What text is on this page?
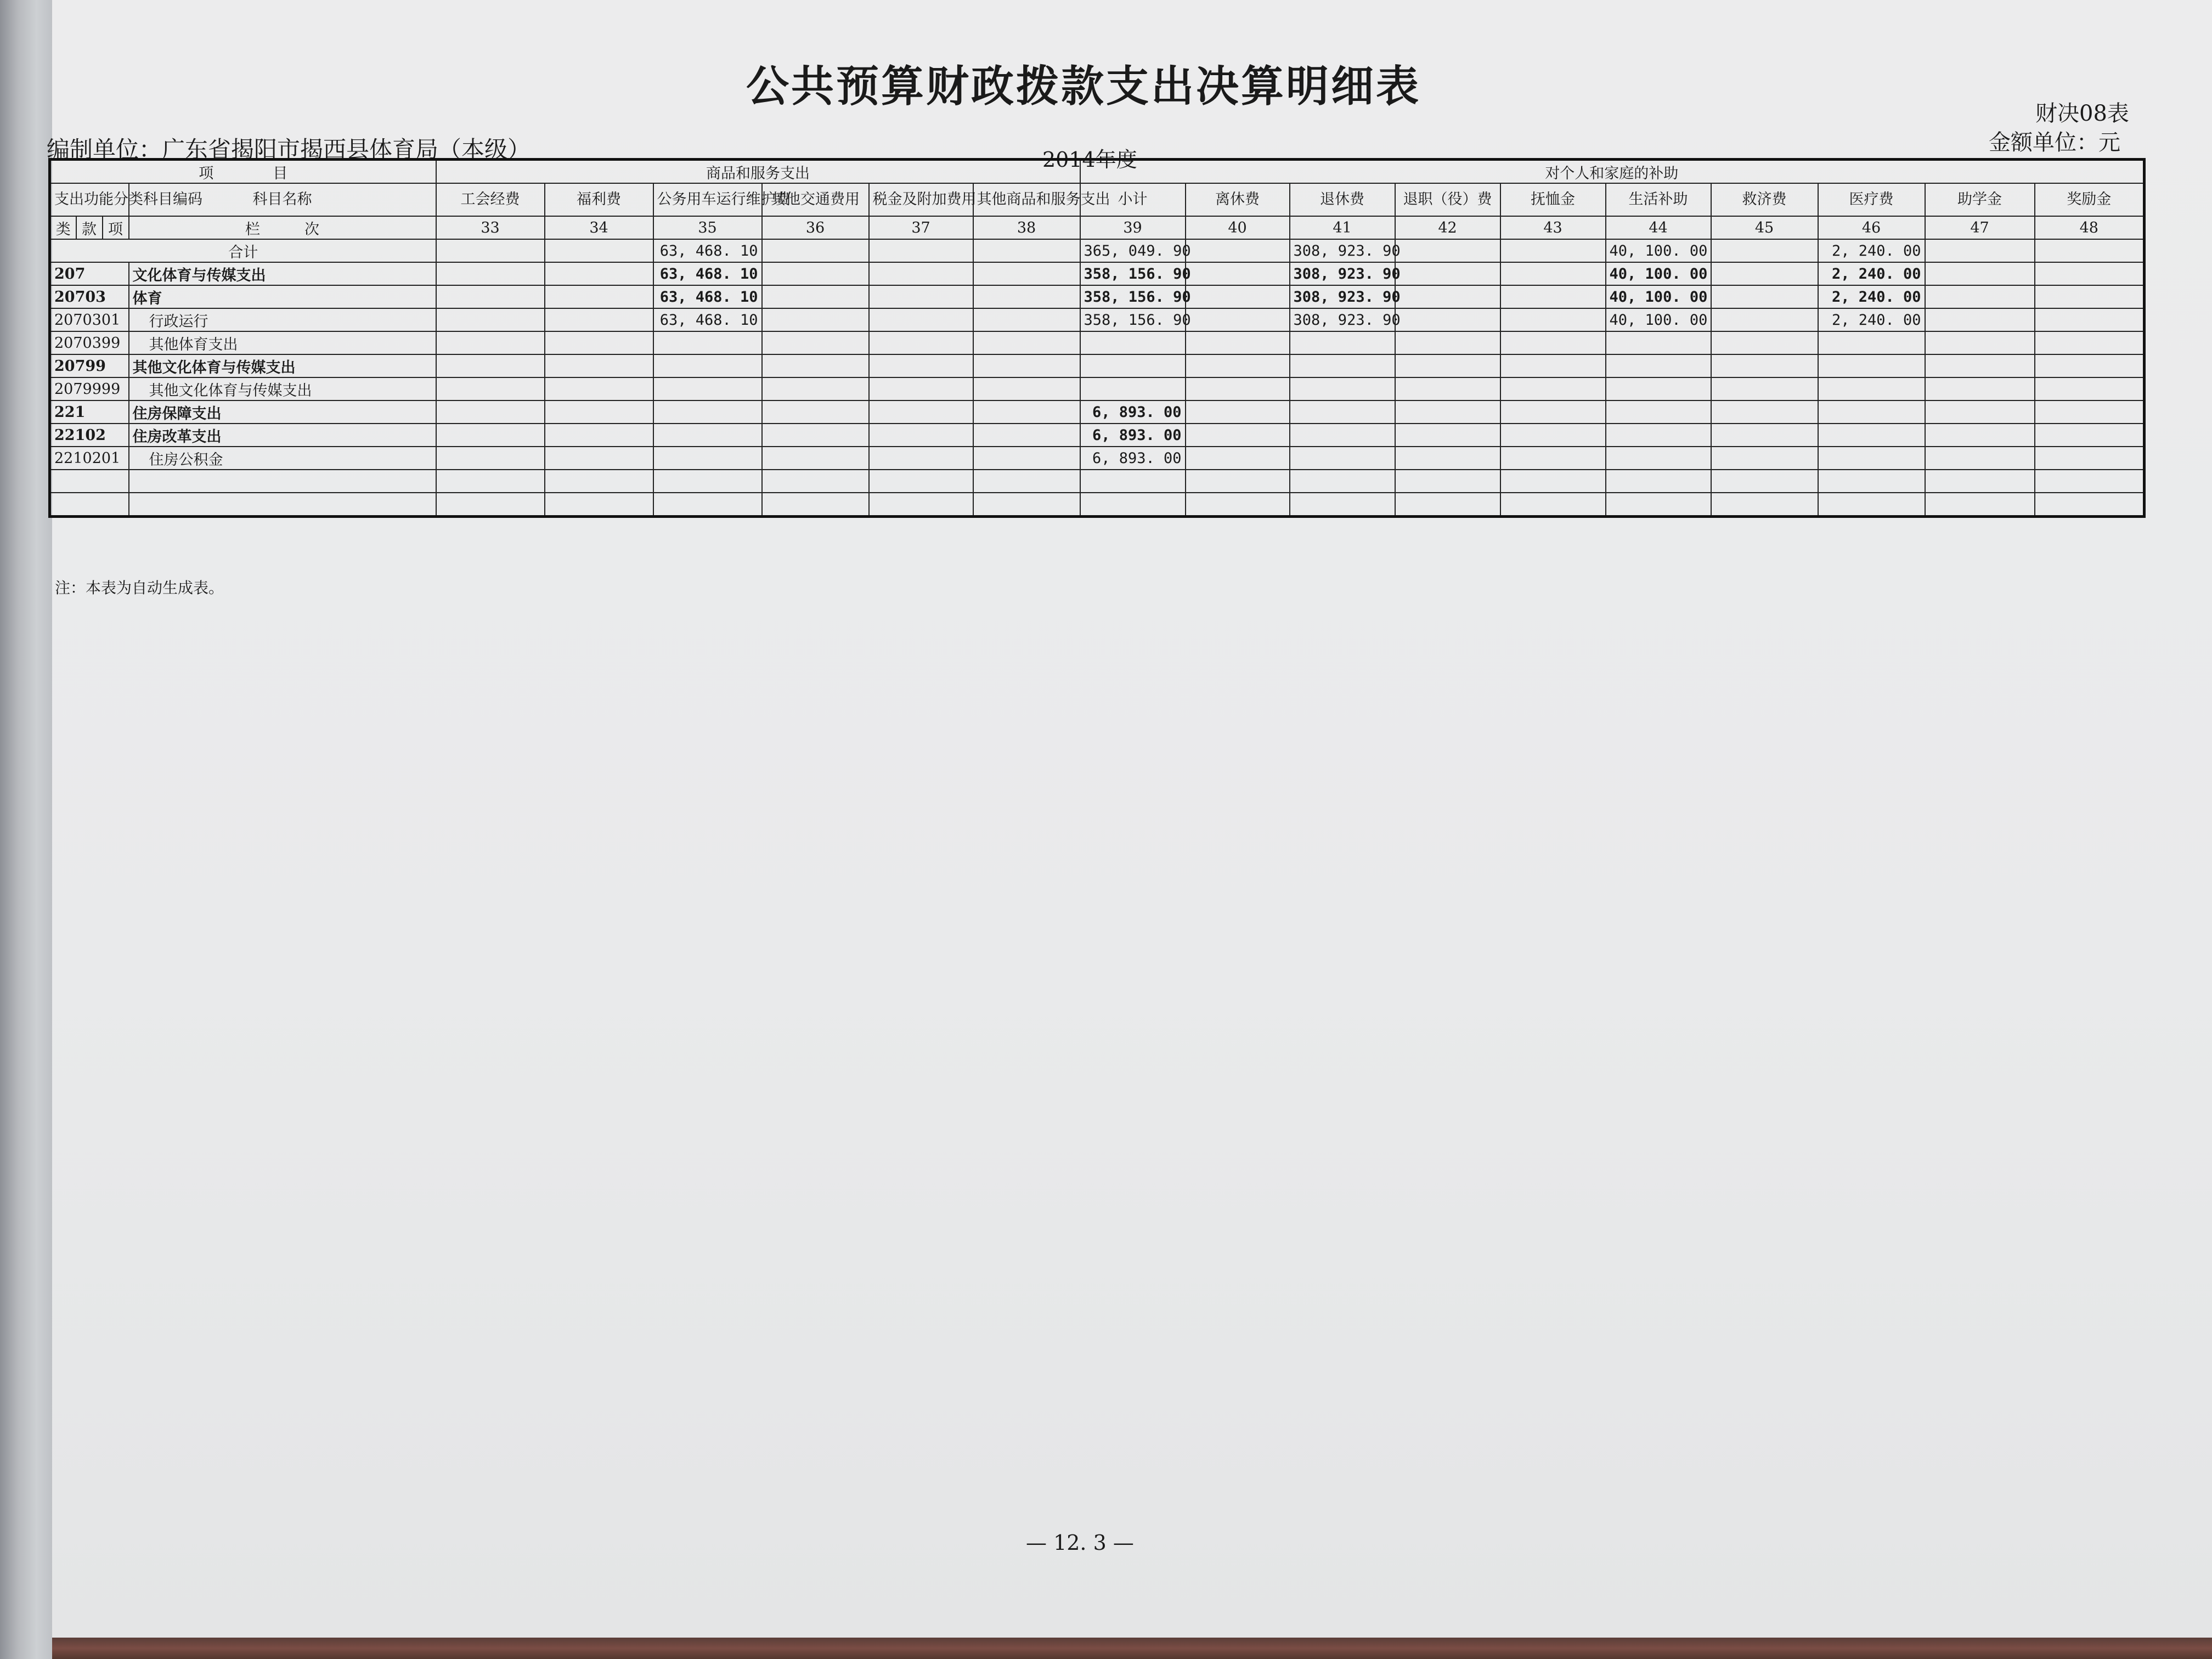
公共预算财政拨款支出决算明细表
财决08表
金额单位：元
编制单位：广东省揭阳市揭西县体育局（本级）	2014年度
项　　　　目				商品和服务支出						对个人和家庭的补助									
支出功能分类科目编码			科目名称	工会经费	福利费	公务用车运行维护费	其他交通费用	税金及附加费用	其他商品和服务支出	小计	离休费	退休费	退职（役）费	抚恤金	生活补助	救济费	医疗费	助学金	奖励金
类	款	项	栏　　　次	33	34	35	36	37	38	39	40	41	42	43	44	45	46	47	48
合计						63, 468. 10				365, 049. 90		308, 923. 90			40, 100. 00		2, 240. 00		
207			文化体育与传媒支出			63, 468. 10				358, 156. 90		308, 923. 90			40, 100. 00		2, 240. 00		
20703			体育			63, 468. 10				358, 156. 90		308, 923. 90			40, 100. 00		2, 240. 00		
2070301			行政运行			63, 468. 10				358, 156. 90		308, 923. 90			40, 100. 00		2, 240. 00		
2070399			其他体育支出																
20799			其他文化体育与传媒支出																
2079999			其他文化体育与传媒支出																
221			住房保障支出							6, 893. 00									
22102			住房改革支出							6, 893. 00									
2210201			住房公积金							6, 893. 00									

注：本表为自动生成表。
— 12. 3 —
